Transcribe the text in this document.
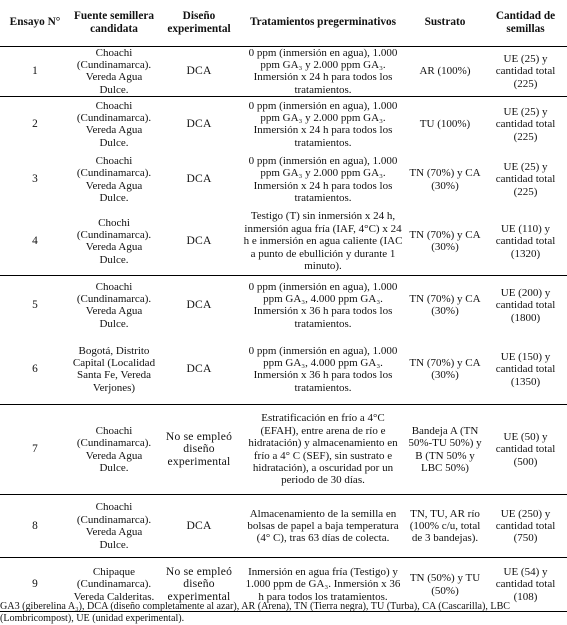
Ensayo N°	Fuente semillera candidata	Diseño experimental	Tratamientos pregerminativos	Sustrato	Cantidad de semillas
1	Choachi (Cundinamarca). Vereda Agua Dulce.	DCA	0 ppm (inmersión en agua), 1.000 ppm GA₃ y 2.000 ppm GA₃. Inmersión x 24 h para todos los tratamientos.	AR (100%)	UE (25) y cantidad total (225)
2	Choachi (Cundinamarca). Vereda Agua Dulce.	DCA	0 ppm (inmersión en agua), 1.000 ppm GA₃ y 2.000 ppm GA₃. Inmersión x 24 h para todos los tratamientos.	TU (100%)	UE (25) y cantidad total (225)
3	Choachi (Cundinamarca). Vereda Agua Dulce.	DCA	0 ppm (inmersión en agua), 1.000 ppm GA₃ y 2.000 ppm GA₃. Inmersión x 24 h para todos los tratamientos.	TN (70%) y CA (30%)	UE (25) y cantidad total (225)
4	Chochi (Cundinamarca). Vereda Agua Dulce.	DCA	Testigo (T) sin inmersión x 24 h, inmersión agua fría (IAF, 4°C) x 24 h e inmersión en agua caliente (IAC a punto de ebullición y durante 1 minuto).	TN (70%) y CA (30%)	UE (110) y cantidad total (1320)
5	Choachi (Cundinamarca). Vereda Agua Dulce.	DCA	0 ppm (inmersión en agua), 1.000 ppm GA₃, 4.000 ppm GA₃. Inmersión x 36 h para todos los tratamientos.	TN (70%) y CA (30%)	UE (200) y cantidad total (1800)
6	Bogotá, Distrito Capital (Localidad Santa Fe, Vereda Verjones)	DCA	0 ppm (inmersión en agua), 1.000 ppm GA₃, 4.000 ppm GA₃. Inmersión x 36 h para todos los tratamientos.	TN (70%) y CA (30%)	UE (150) y cantidad total (1350)
7	Choachi (Cundinamarca). Vereda Agua Dulce.	No se empleó diseño experimental	Estratificación en frío a 4°C (EFAH), entre arena de río e hidratación) y almacenamiento en frío a 4° C (SEF), sin sustrato e hidratación), a oscuridad por un periodo de 30 días.	Bandeja A (TN 50%-TU 50%) y B (TN 50% y LBC 50%)	UE (50) y cantidad total (500)
8	Choachi (Cundinamarca). Vereda Agua Dulce.	DCA	Almacenamiento de la semilla en bolsas de papel a baja temperatura (4° C), tras 63 días de colecta.	TN, TU, AR río (100% c/u, total de 3 bandejas).	UE (250) y cantidad total (750)
9	Chipaque (Cundinamarca). Vereda Calderitas.	No se empleó diseño experimental	Inmersión en agua fría (Testigo) y 1.000 ppm de GA₃. Inmersión x 36 h para todos los tratamientos.	TN (50%) y TU (50%)	UE (54) y cantidad total (108)
GA3 (giberelina A₃), DCA (diseño completamente al azar), AR (Arena), TN (Tierra negra), TU (Turba), CA (Cascarilla), LBC (Lombricompost), UE (unidad experimental).
